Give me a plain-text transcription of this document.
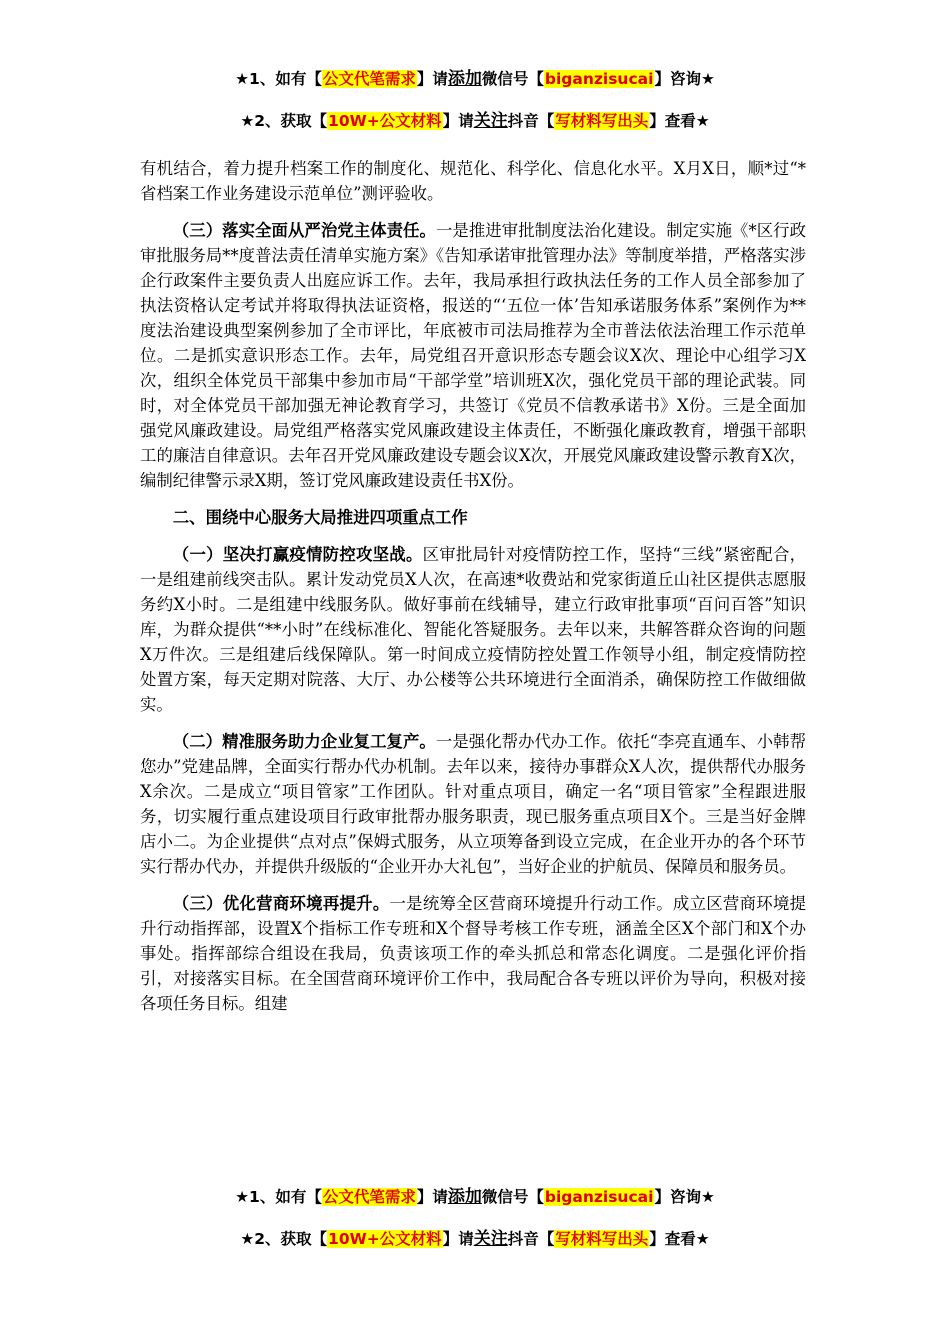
★1、如有【公文代笔需求】请添加微信号【biganzisucai】咨询★
★2、获取【10W+公文材料】请关注抖音【写材料写出头】查看★

有机结合，着力提升档案工作的制度化、规范化、科学化、信息化水平。X月X日，顺*过“*省档案工作业务建设示范单位”测评验收。

（三）落实全面从严治党主体责任。一是推进审批制度法治化建设。制定实施《*区行政审批服务局**度普法责任清单实施方案》《告知承诺审批管理办法》等制度举措，严格落实涉企行政案件主要负责人出庭应诉工作。去年，我局承担行政执法任务的工作人员全部参加了执法资格认定考试并将取得执法证资格，报送的“‘五位一体’告知承诺服务体系”案例作为**度法治建设典型案例参加了全市评比，年底被市司法局推荐为全市普法依法治理工作示范单位。二是抓实意识形态工作。去年，局党组召开意识形态专题会议X次、理论中心组学习X次，组织全体党员干部集中参加市局“干部学堂”培训班X次，强化党员干部的理论武装。同时，对全体党员干部加强无神论教育学习，共签订《党员不信教承诺书》X份。三是全面加强党风廉政建设。局党组严格落实党风廉政建设主体责任，不断强化廉政教育，增强干部职工的廉洁自律意识。去年召开党风廉政建设专题会议X次，开展党风廉政建设警示教育X次，编制纪律警示录X期，签订党风廉政建设责任书X份。

二、围绕中心服务大局推进四项重点工作

（一）坚决打赢疫情防控攻坚战。区审批局针对疫情防控工作，坚持“三线”紧密配合，一是组建前线突击队。累计发动党员X人次，在高速*收费站和党家街道丘山社区提供志愿服务约X小时。二是组建中线服务队。做好事前在线辅导，建立行政审批事项“百问百答”知识库，为群众提供“**小时”在线标准化、智能化答疑服务。去年以来，共解答群众咨询的问题X万件次。三是组建后线保障队。第一时间成立疫情防控处置工作领导小组，制定疫情防控处置方案，每天定期对院落、大厅、办公楼等公共环境进行全面消杀，确保防控工作做细做实。

（二）精准服务助力企业复工复产。一是强化帮办代办工作。依托“李亮直通车、小韩帮您办”党建品牌，全面实行帮办代办机制。去年以来，接待办事群众X人次，提供帮代办服务X余次。二是成立“项目管家”工作团队。针对重点项目，确定一名“项目管家”全程跟进服务，切实履行重点建设项目行政审批帮办服务职责，现已服务重点项目X个。三是当好金牌店小二。为企业提供“点对点”保姆式服务，从立项筹备到设立完成，在企业开办的各个环节实行帮办代办，并提供升级版的“企业开办大礼包”，当好企业的护航员、保障员和服务员。

（三）优化营商环境再提升。一是统筹全区营商环境提升行动工作。成立区营商环境提升行动指挥部，设置X个指标工作专班和X个督导考核工作专班，涵盖全区X个部门和X个办事处。指挥部综合组设在我局，负责该项工作的牵头抓总和常态化调度。二是强化评价指引，对接落实目标。在全国营商环境评价工作中，我局配合各专班以评价为导向，积极对接各项任务目标。组建

★1、如有【公文代笔需求】请添加微信号【biganzisucai】咨询★
★2、获取【10W+公文材料】请关注抖音【写材料写出头】查看★
